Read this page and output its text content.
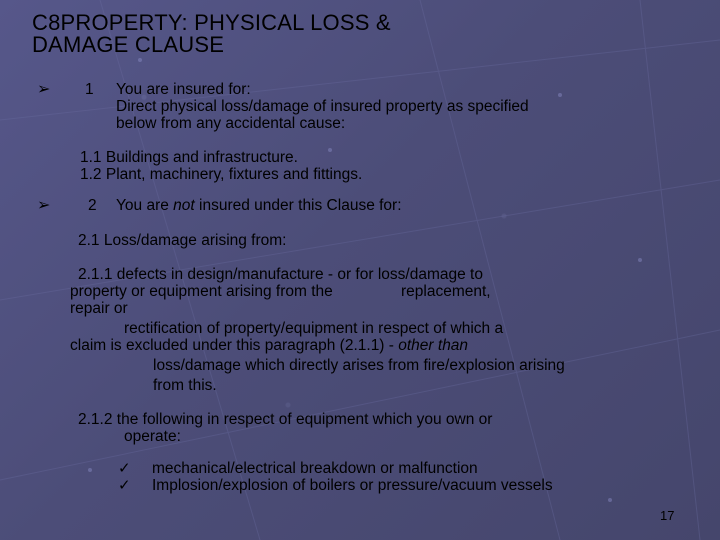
C8PROPERTY: PHYSICAL LOSS &
DAMAGE CLAUSE
➢ 1 You are insured for:
Direct physical loss/damage of insured property as specified
below from any accidental cause:
1.1 Buildings and infrastructure.
1.2 Plant, machinery, fixtures and fittings.
➢ 2 You are not insured under this Clause for:
2.1 Loss/damage arising from:
2.1.1 defects in design/manufacture - or for loss/damage to
property or equipment arising from the	replacement,
repair or
rectification of property/equipment in respect of which a
claim is excluded under this paragraph (2.1.1) - other than
loss/damage which directly arises from fire/explosion arising
from this.
2.1.2 the following in respect of equipment which you own or
operate:
✓ mechanical/electrical breakdown or malfunction
✓ Implosion/explosion of boilers or pressure/vacuum vessels
17
